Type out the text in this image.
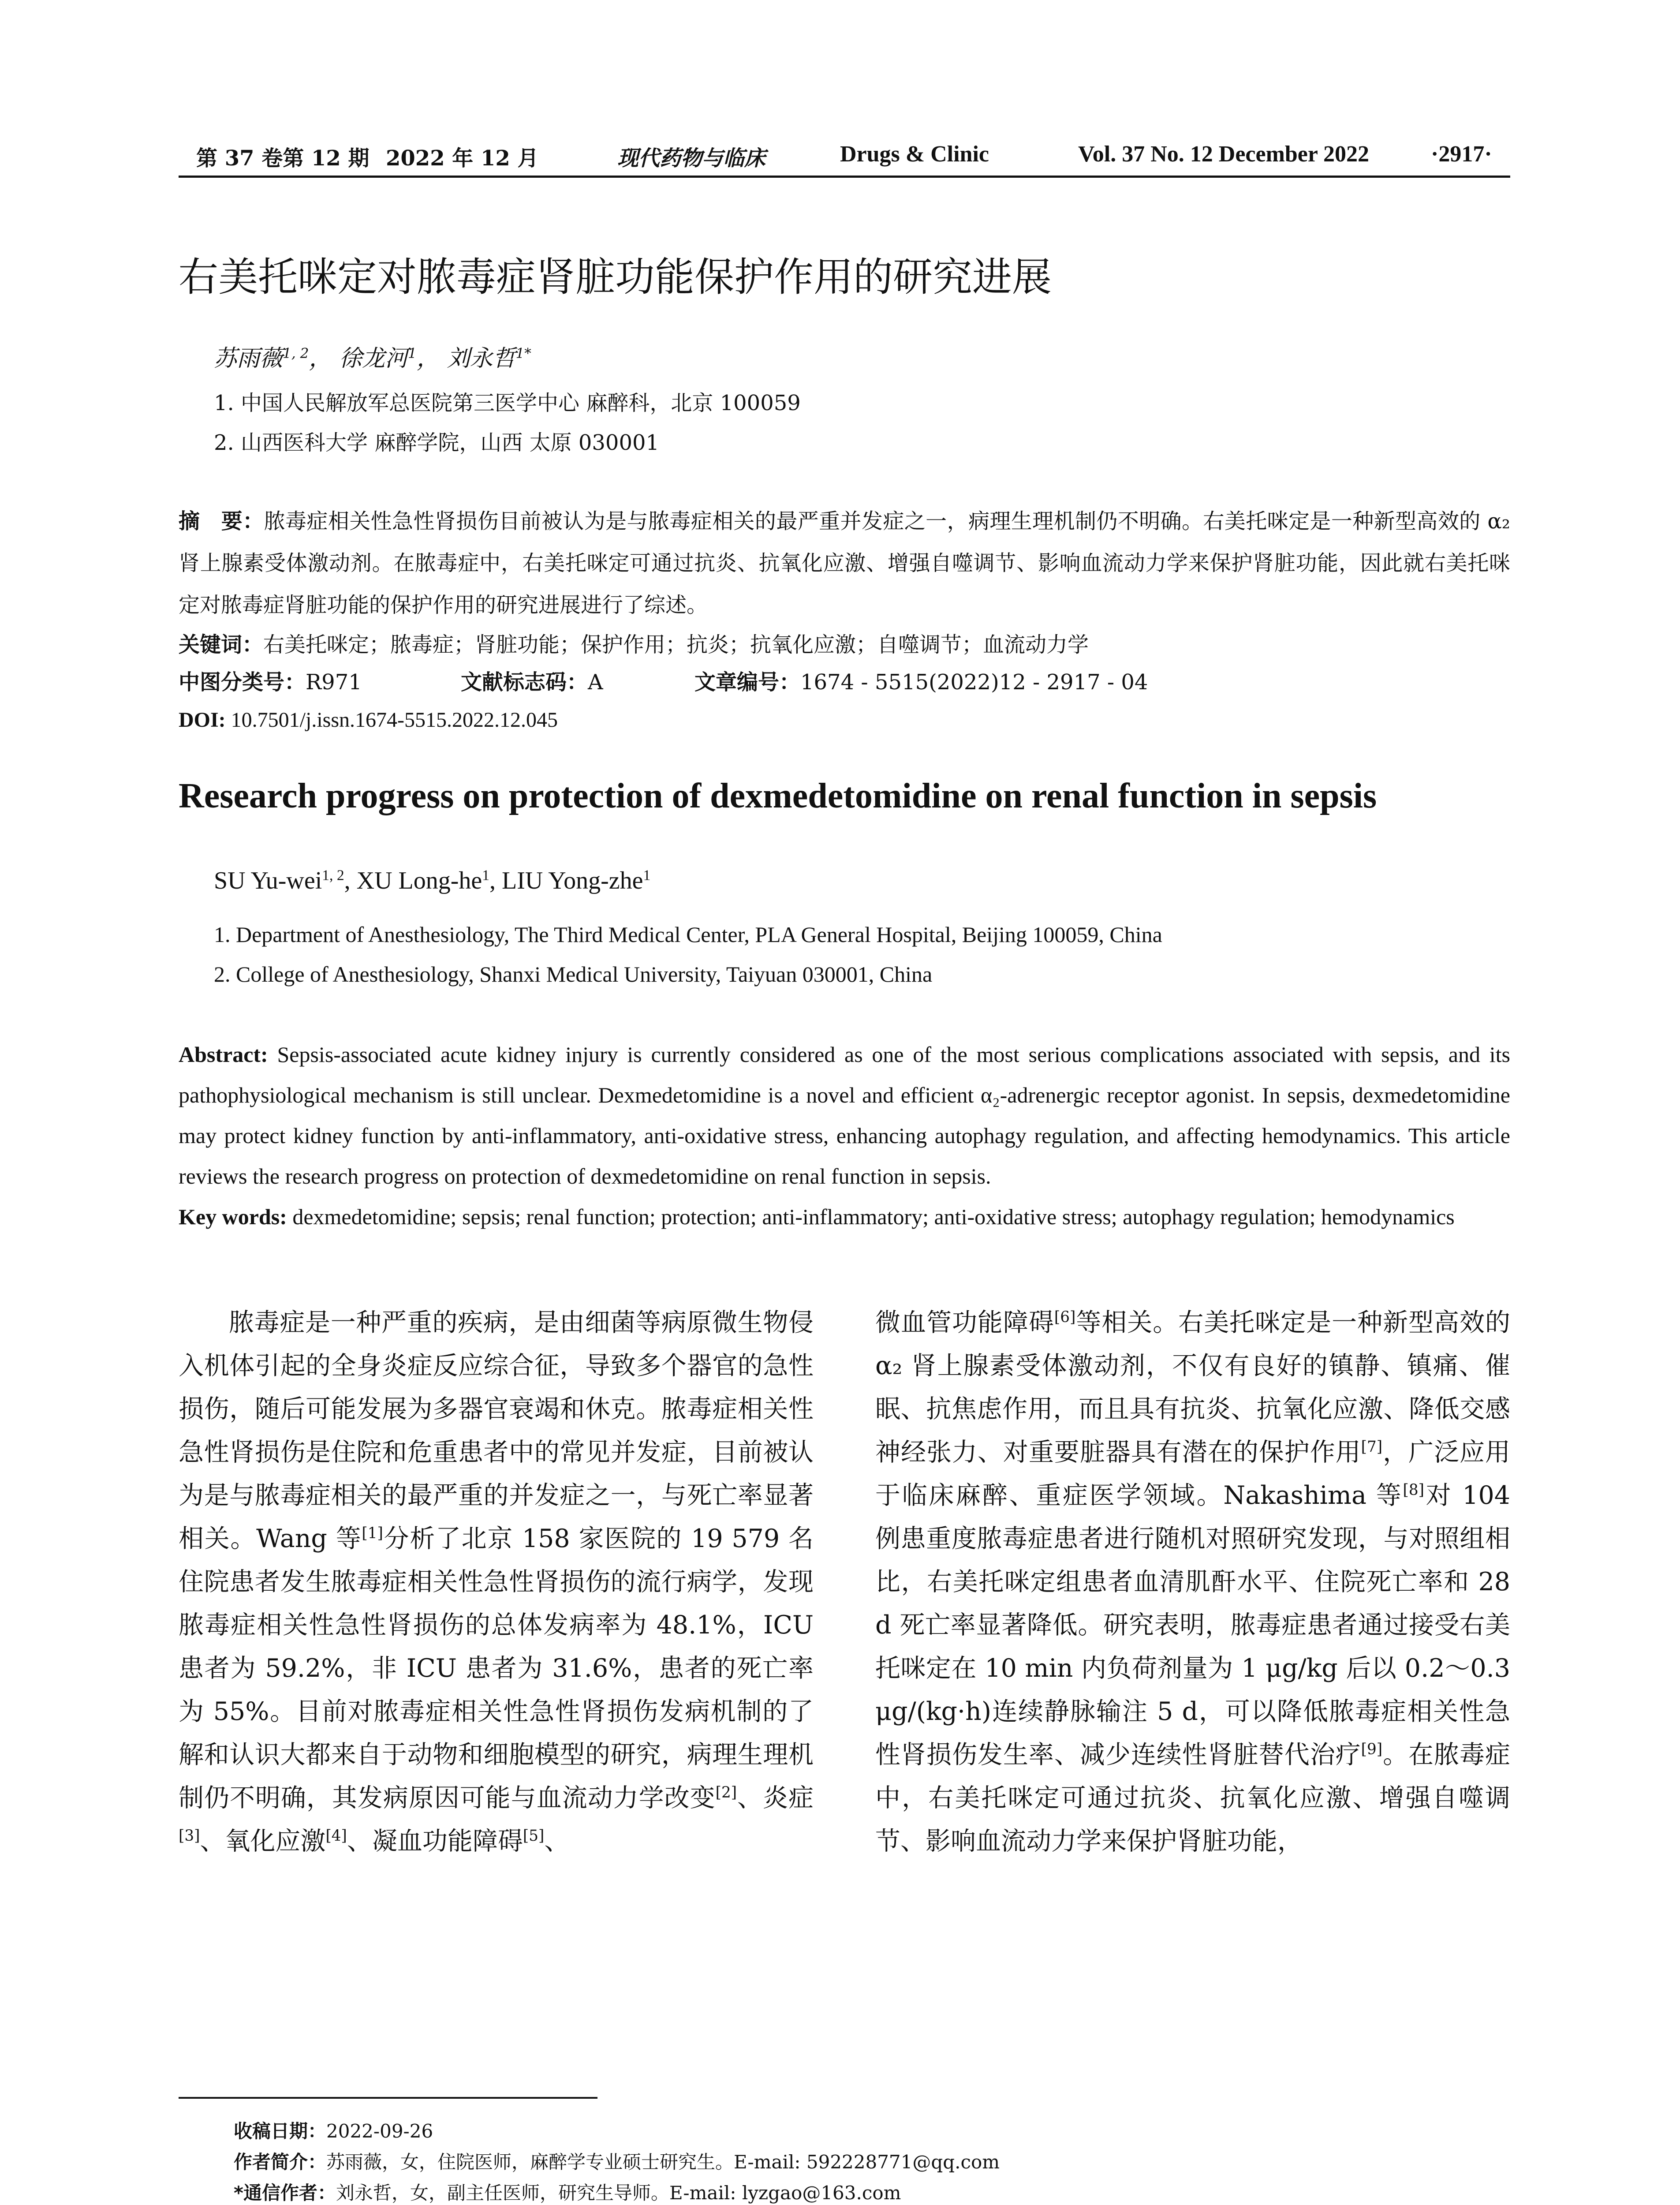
第 37 卷第 12 期 2022 年 12 月	现代药物与临床	Drugs & Clinic	Vol. 37 No. 12 December 2022	·2917·
右美托咪定对脓毒症肾脏功能保护作用的研究进展
苏雨薇$^{1, 2}$， 徐龙河$^1$， 刘永哲$^{1*}$
1. 中国人民解放军总医院第三医学中心 麻醉科，北京 100059
2. 山西医科大学 麻醉学院，山西 太原 030001
摘　要：脓毒症相关性急性肾损伤目前被认为是与脓毒症相关的最严重并发症之一，病理生理机制仍不明确。右美托咪定是一种新型高效的 α₂ 肾上腺素受体激动剂。在脓毒症中，右美托咪定可通过抗炎、抗氧化应激、增强自噬调节、影响血流动力学来保护肾脏功能，因此就右美托咪定对脓毒症肾脏功能的保护作用的研究进展进行了综述。
关键词：右美托咪定；脓毒症；肾脏功能；保护作用；抗炎；抗氧化应激；自噬调节；血流动力学
中图分类号：R971	文献标志码：A	文章编号：1674 - 5515(2022)12 - 2917 - 04
DOI: 10.7501/j.issn.1674-5515.2022.12.045
Research progress on protection of dexmedetomidine on renal function in sepsis
SU Yu-wei$^{1, 2}$, XU Long-$he^1$, LIU Yong-zhe$^1$
1. Department of Anesthesiology, The Third Medical Center, PLA General Hospital, Beijing 100059, China
2. College of Anesthesiology, Shanxi Medical University, Taiyuan 030001, China
Abstract: Sepsis-associated acute kidney injury is currently considered as one of the most serious complications associated with sepsis, and its pathophysiological mechanism is still unclear. Dexmedetomidine is a novel and efficient α₂-adrenergic receptor agonist. In sepsis, dexmedetomidine may protect kidney function by anti-inflammatory, anti-oxidative stress, enhancing autophagy regulation, and affecting hemodynamics. This article reviews the research progress on protection of dexmedetomidine on renal function in sepsis.
Key words: dexmedetomidine; sepsis; renal function; protection; anti-inflammatory; anti-oxidative stress; autophagy regulation; hemodynamics
脓毒症是一种严重的疾病，是由细菌等病原微生物侵入机体引起的全身炎症反应综合征，导致多个器官的急性损伤，随后可能发展为多器官衰竭和休克。脓毒症相关性急性肾损伤是住院和危重患者中的常见并发症，目前被认为是与脓毒症相关的最严重的并发症之一，与死亡率显著相关。Wang 等[1]分析了北京 158 家医院的 19 579 名住院患者发生脓毒症相关性急性肾损伤的流行病学，发现脓毒症相关性急性肾损伤的总体发病率为 48.1%，ICU 患者为 59.2%，非 ICU 患者为 31.6%，患者的死亡率为 55%。目前对脓毒症相关性急性肾损伤发病机制的了解和认识大都来自于动物和细胞模型的研究，病理生理机制仍不明确，其发病原因可能与血流动力学改变[2]、炎症[3]、氧化应激[4]、凝血功能障碍[5]、
微血管功能障碍[6]等相关。右美托咪定是一种新型高效的 α₂ 肾上腺素受体激动剂，不仅有良好的镇静、镇痛、催眠、抗焦虑作用，而且具有抗炎、抗氧化应激、降低交感神经张力、对重要脏器具有潜在的保护作用[7]，广泛应用于临床麻醉、重症医学领域。Nakashima 等[8]对 104 例患重度脓毒症患者进行随机对照研究发现，与对照组相比，右美托咪定组患者血清肌酐水平、住院死亡率和 28 d 死亡率显著降低。研究表明，脓毒症患者通过接受右美托咪定在 10 min 内负荷剂量为 1 μg/kg 后以 0.2～0.3 μg/(kg·h)连续静脉输注 5 d，可以降低脓毒症相关性急性肾损伤发生率、减少连续性肾脏替代治疗[9]。在脓毒症中，右美托咪定可通过抗炎、抗氧化应激、增强自噬调节、影响血流动力学来保护肾脏功能，
收稿日期：2022-09-26
作者简介：苏雨薇，女，住院医师，麻醉学专业硕士研究生。E-mail: 592228771@qq.com
*通信作者：刘永哲，女，副主任医师，研究生导师。E-mail: lyzgao@163.com
